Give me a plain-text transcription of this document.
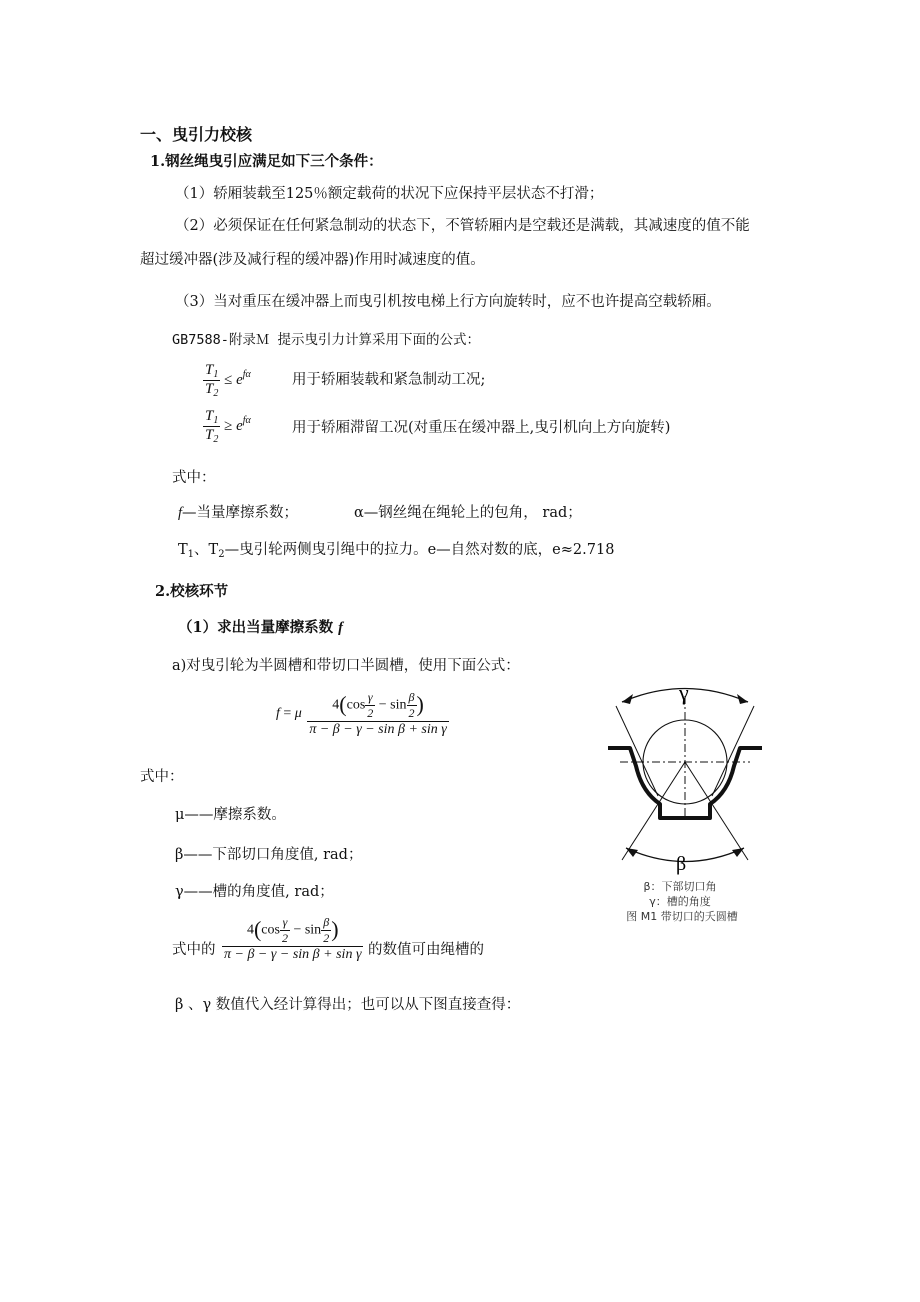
一、曳引力校核
1.钢丝绳曳引应满足如下三个条件：
（1）轿厢装载至125％额定载荷的状况下应保持平层状态不打滑；
（2）必须保证在任何紧急制动的状态下，不管轿厢内是空载还是满载，其减速度的值不能
超过缓冲器(涉及减行程的缓冲器)作用时减速度的值。
（3）当对重压在缓冲器上而曳引机按电梯上行方向旋转时，应不也许提高空载轿厢。
GB7588-附录Ｍ 提示曳引力计算采用下面的公式：
$\frac{T_1}{T_2} \le e^{f\alpha}$	用于轿厢装载和紧急制动工况;
$\frac{T_1}{T_2} \ge e^{f\alpha}$	用于轿厢滞留工况(对重压在缓冲器上,曳引机向上方向旋转)
式中：
f—当量摩擦系数；	α—钢丝绳在绳轮上的包角， rad；
$T_1$、$T_2—$曳引轮两侧曳引绳中的拉力。e—自然对数的底，e≈2.718
2.校核环节
（1）求出当量摩擦系数 f
a)对曳引轮为半圆槽和带切口半圆槽，使用下面公式：
f = μ $\frac{4(\cos \frac{\gamma}{2} - \sin \frac{\beta}{2} )}{\text{π − β − γ − sin β + sin γ}}$
式中：
μ——摩擦系数。
β——下部切口角度值, rad；
γ——槽的角度值, rad；
式中的 $\frac{4(\cos \frac{\gamma}{2} - \sin \frac{\beta}{2} )}{\text{π − β − γ − sin β + sin γ}}$ 的数值可由绳槽的
β 、γ 数值代入经计算得出；也可以从下图直接查得：
γ
β
β：下部切口角
γ：槽的角度
图 M1 带切口的夭圆槽
